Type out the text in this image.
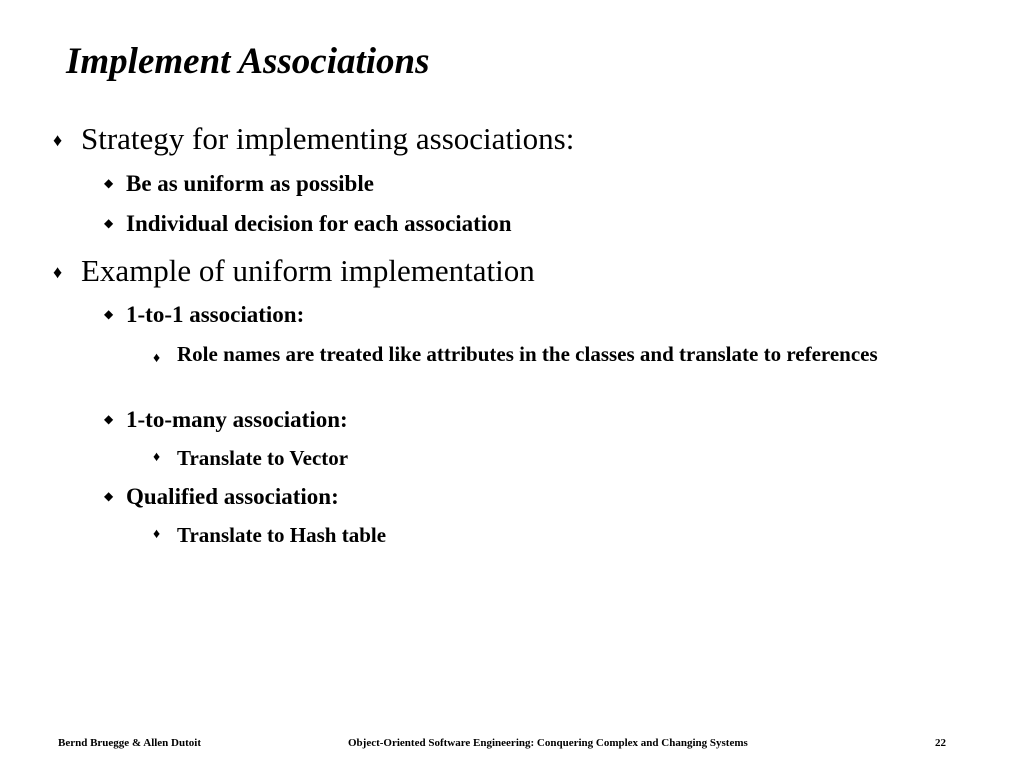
Implement Associations
♦ Strategy for implementing associations:
◆ Be as uniform as possible
◆ Individual decision for each association
♦ Example of uniform implementation
◆ 1-to-1 association:
♦ Role names are treated like attributes in the classes and translate to references
◆ 1-to-many association:
♦ Translate to Vector
◆ Qualified association:
♦ Translate to Hash table
Bernd Bruegge & Allen Dutoit	Object-Oriented Software Engineering: Conquering Complex and Changing Systems	22
